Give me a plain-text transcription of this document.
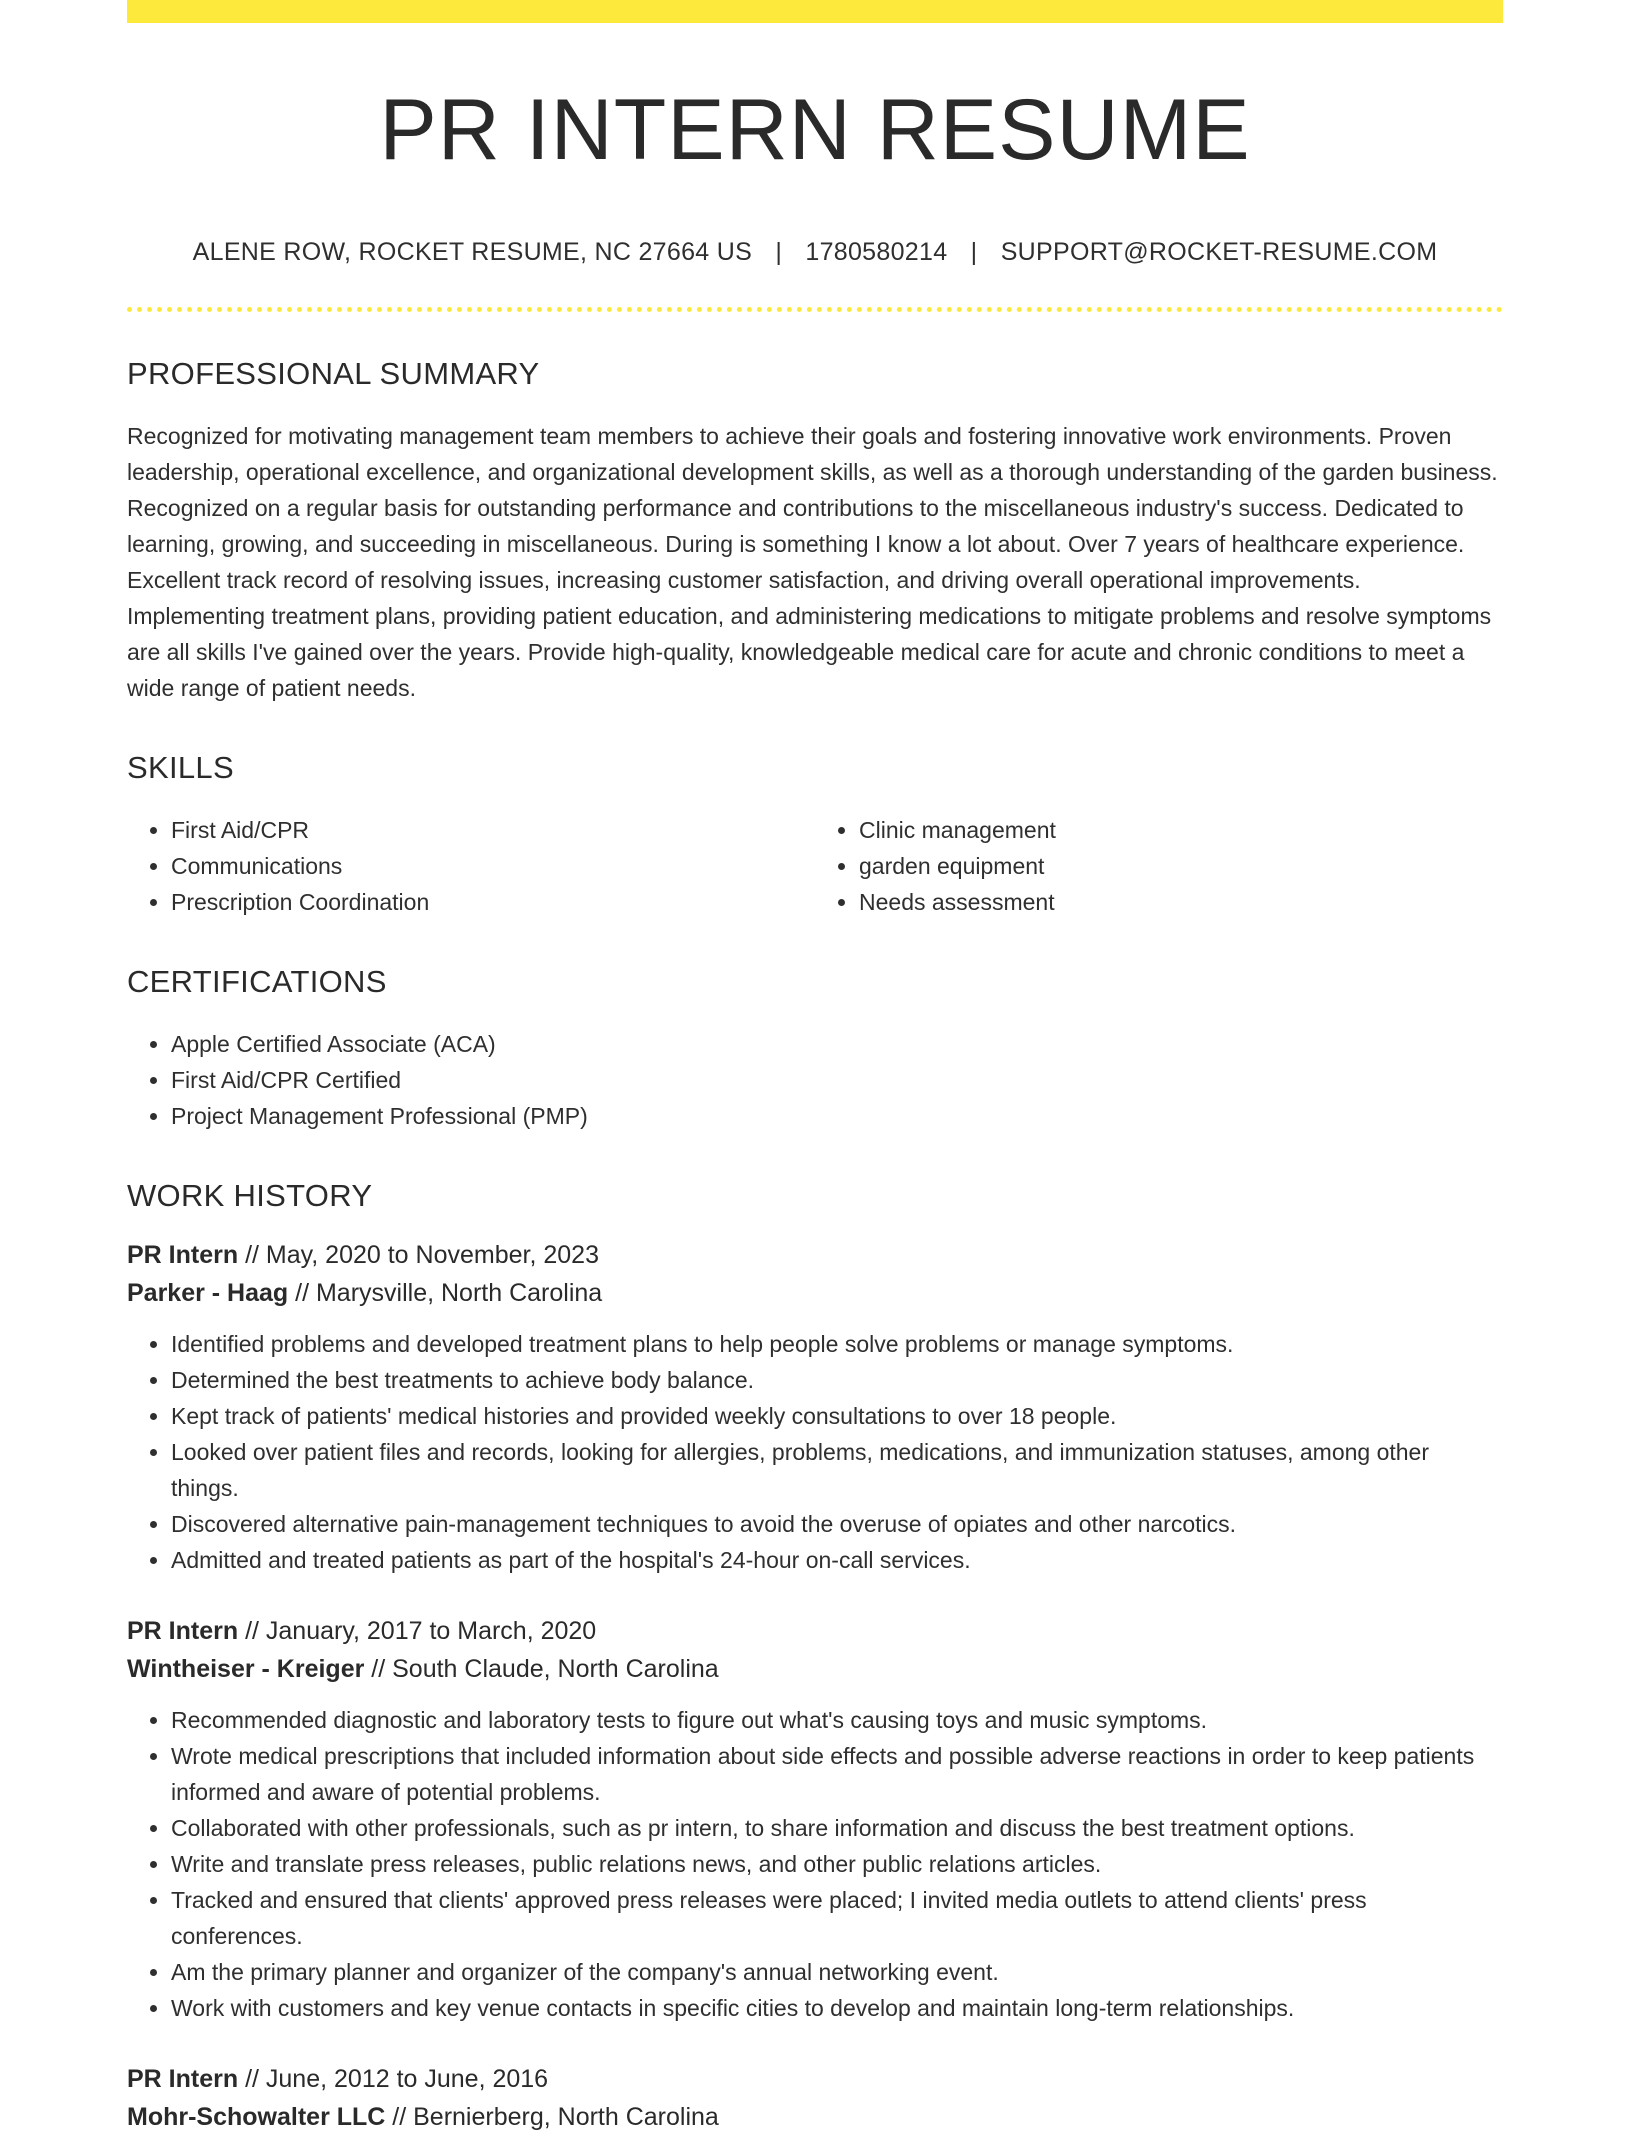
PR INTERN RESUME
ALENE ROW, ROCKET RESUME, NC 27664 US | 1780580214 | SUPPORT@ROCKET-RESUME.COM
PROFESSIONAL SUMMARY

Recognized for motivating management team members to achieve their goals and fostering innovative work environments. Proven leadership, operational excellence, and organizational development skills, as well as a thorough understanding of the garden business. Recognized on a regular basis for outstanding performance and contributions to the miscellaneous industry's success. Dedicated to learning, growing, and succeeding in miscellaneous. During is something I know a lot about. Over 7 years of healthcare experience. Excellent track record of resolving issues, increasing customer satisfaction, and driving overall operational improvements. Implementing treatment plans, providing patient education, and administering medications to mitigate problems and resolve symptoms are all skills I've gained over the years. Provide high-quality, knowledgeable medical care for acute and chronic conditions to meet a wide range of patient needs.

SKILLS
• First Aid/CPR
• Communications
• Prescription Coordination
• Clinic management
• garden equipment
• Needs assessment
CERTIFICATIONS
• Apple Certified Associate (ACA)
• First Aid/CPR Certified
• Project Management Professional (PMP)
WORK HISTORY
PR Intern // May, 2020 to November, 2023
Parker - Haag // Marysville, North Carolina
• Identified problems and developed treatment plans to help people solve problems or manage symptoms.
• Determined the best treatments to achieve body balance.
• Kept track of patients' medical histories and provided weekly consultations to over 18 people.
• Looked over patient files and records, looking for allergies, problems, medications, and immunization statuses, among other things.
• Discovered alternative pain-management techniques to avoid the overuse of opiates and other narcotics.
• Admitted and treated patients as part of the hospital's 24-hour on-call services.
PR Intern // January, 2017 to March, 2020
Wintheiser - Kreiger // South Claude, North Carolina
• Recommended diagnostic and laboratory tests to figure out what's causing toys and music symptoms.
• Wrote medical prescriptions that included information about side effects and possible adverse reactions in order to keep patients informed and aware of potential problems.
• Collaborated with other professionals, such as pr intern, to share information and discuss the best treatment options.
• Write and translate press releases, public relations news, and other public relations articles.
• Tracked and ensured that clients' approved press releases were placed; I invited media outlets to attend clients' press conferences.
• Am the primary planner and organizer of the company's annual networking event.
• Work with customers and key venue contacts in specific cities to develop and maintain long-term relationships.
PR Intern // June, 2012 to June, 2016
Mohr-Schowalter LLC // Bernierberg, North Carolina
